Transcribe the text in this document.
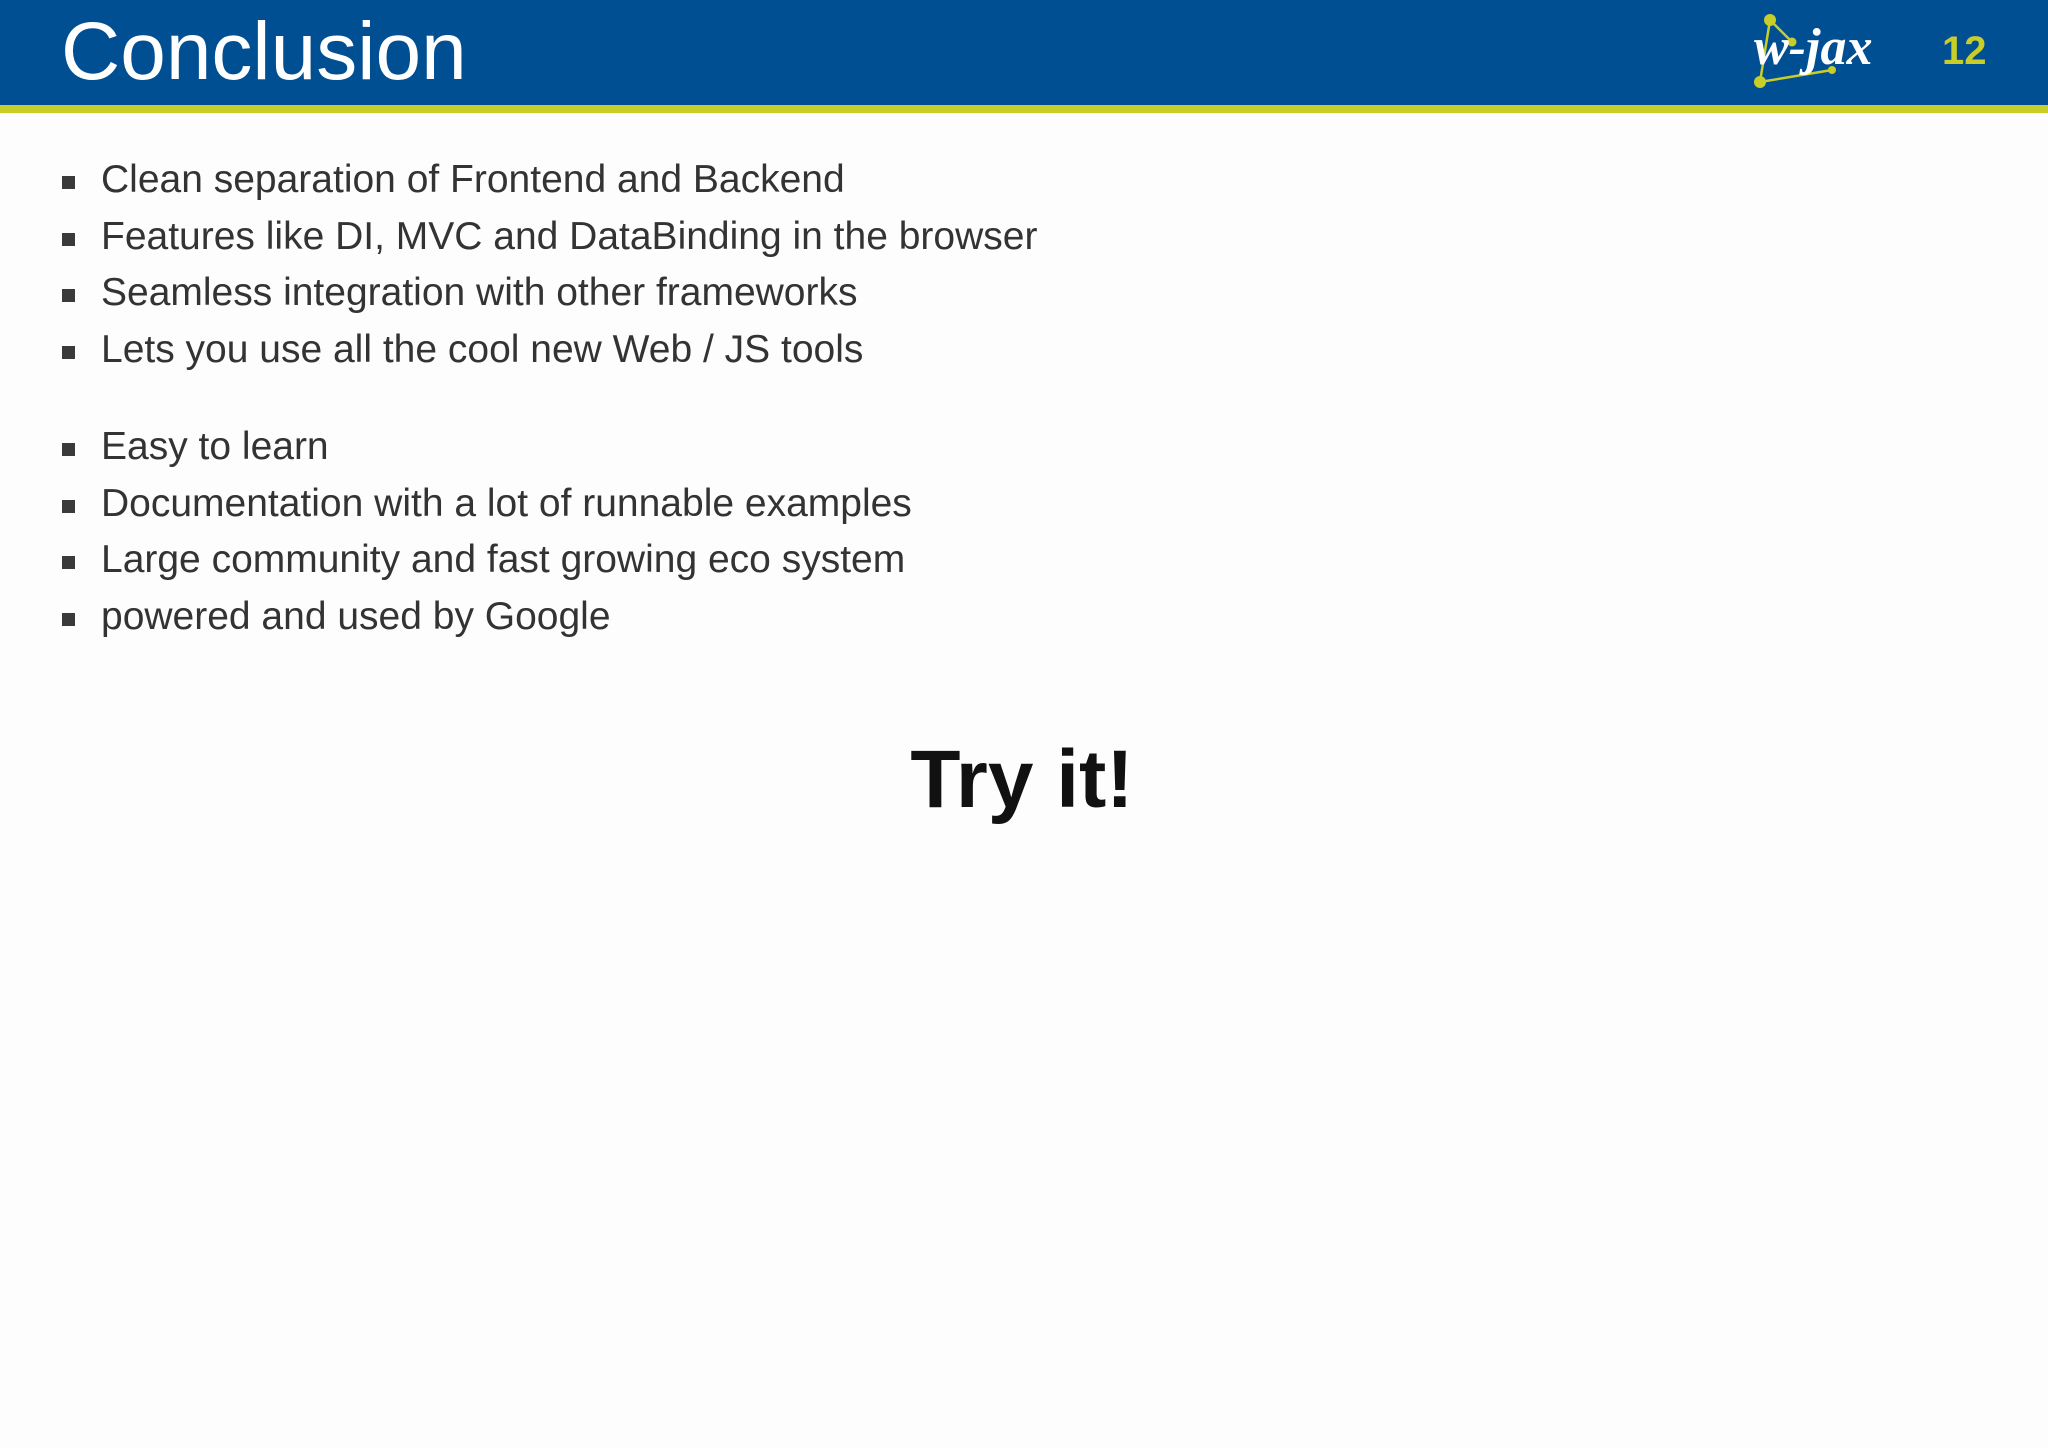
Conclusion	w-jax 12
Clean separation of Frontend and Backend
Features like DI, MVC and DataBinding in the browser
Seamless integration with other frameworks
Lets you use all the cool new Web / JS tools
Easy to learn
Documentation with a lot of runnable examples
Large community and fast growing eco system
powered and used by Google
Try it!
